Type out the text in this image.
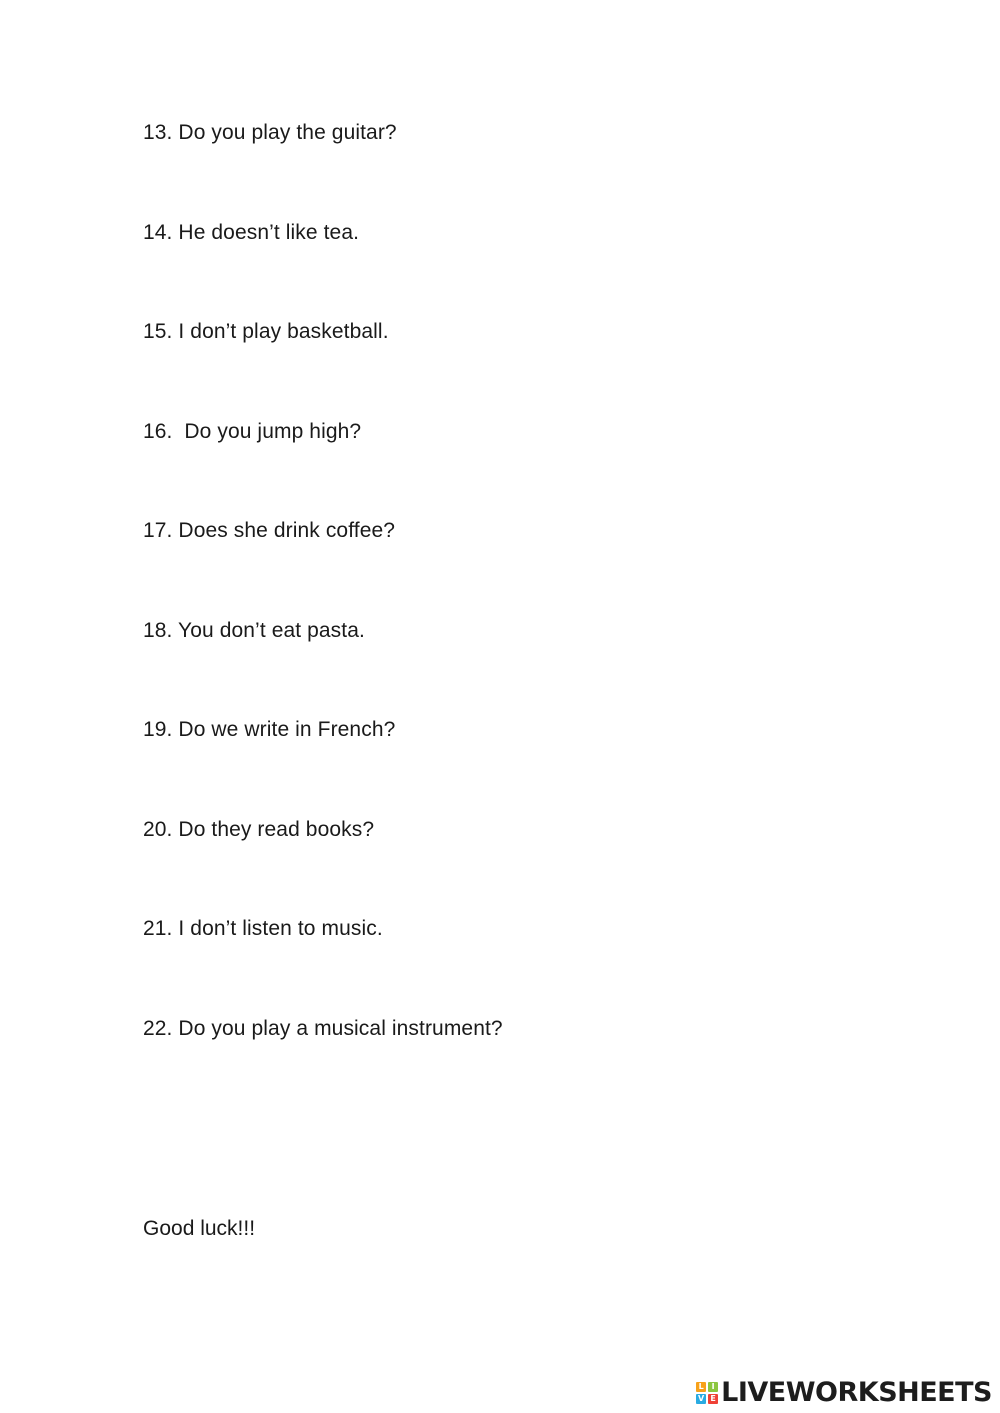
13. Do you play the guitar?
14. He doesn’t like tea.
15. I don’t play basketball.
16.  Do you jump high?
17. Does she drink coffee?
18. You don’t eat pasta.
19. Do we write in French?
20. Do they read books?
21. I don’t listen to music.
22. Do you play a musical instrument?
Good luck!!!
L I
V E LIVEWORKSHEETS
